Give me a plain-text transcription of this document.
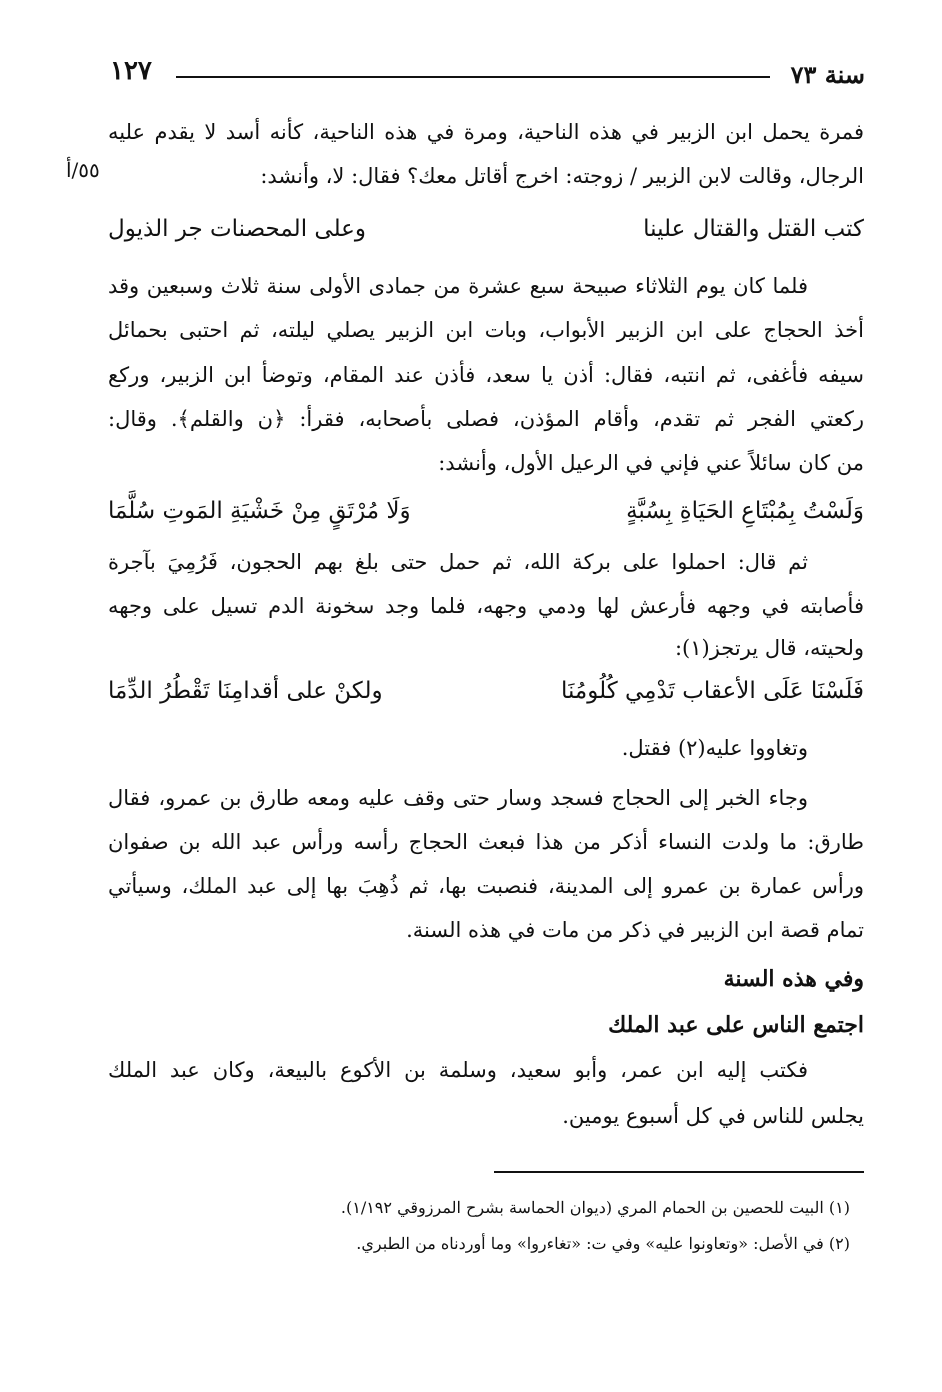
سنة ٧٣
١٢٧
٥٥/أ
فمرة يحمل ابن الزبير في هذه الناحية، ومرة في هذه الناحية، كأنه أسد لا يقدم عليه
الرجال، وقالت لابن الزبير / زوجته: اخرج أقاتل معك؟ فقال: لا، وأنشد:
كتب القتل والقتال علينا
وعلى المحصنات جر الذيول
فلما كان يوم الثلاثاء صبيحة سبع عشرة من جمادى الأولى سنة ثلاث وسبعين وقد
أخذ الحجاج على ابن الزبير الأبواب، وبات ابن الزبير يصلي ليلته، ثم احتبى بحمائل
سيفه فأغفى، ثم انتبه، فقال: أذن يا سعد، فأذن عند المقام، وتوضأ ابن الزبير، وركع
ركعتي الفجر ثم تقدم، وأقام المؤذن، فصلى بأصحابه، فقرأ: ﴿ن والقلم﴾. وقال:
من كان سائلاً عني فإني في الرعيل الأول، وأنشد:
وَلَسْتُ بِمُبْتَاعِ الحَيَاةِ بِسُبَّةٍ
وَلَا مُرْتَقٍ مِنْ خَشْيَةِ المَوتِ سُلَّمَا
ثم قال: احملوا على بركة الله، ثم حمل حتى بلغ بهم الحجون، فَرُمِيَ بآجرة
فأصابته في وجهه فأرعش لها ودمي وجهه، فلما وجد سخونة الدم تسيل على وجهه
ولحيته، قال يرتجز(١):
فَلَسْنَا عَلَى الأعقاب تَدْمِي كُلُومُنَا
ولكنْ على أقدامِنَا تَقْطُرُ الدِّمَا
وتغاووا عليه(٢) فقتل.
وجاء الخبر إلى الحجاج فسجد وسار حتى وقف عليه ومعه طارق بن عمرو، فقال
طارق: ما ولدت النساء أذكر من هذا فبعث الحجاج رأسه ورأس عبد الله بن صفوان
ورأس عمارة بن عمرو إلى المدينة، فنصبت بها، ثم ذُهِبَ بها إلى عبد الملك، وسيأتي
تمام قصة ابن الزبير في ذكر من مات في هذه السنة.
وفي هذه السنة
اجتمع الناس على عبد الملك
فكتب إليه ابن عمر، وأبو سعيد، وسلمة بن الأكوع بالبيعة، وكان عبد الملك
يجلس للناس في كل أسبوع يومين.
(١) البيت للحصين بن الحمام المري (ديوان الحماسة بشرح المرزوقي ١/١٩٢).
(٢) في الأصل: «وتعاونوا عليه» وفي ت: «تغاءروا» وما أوردناه من الطبري.
